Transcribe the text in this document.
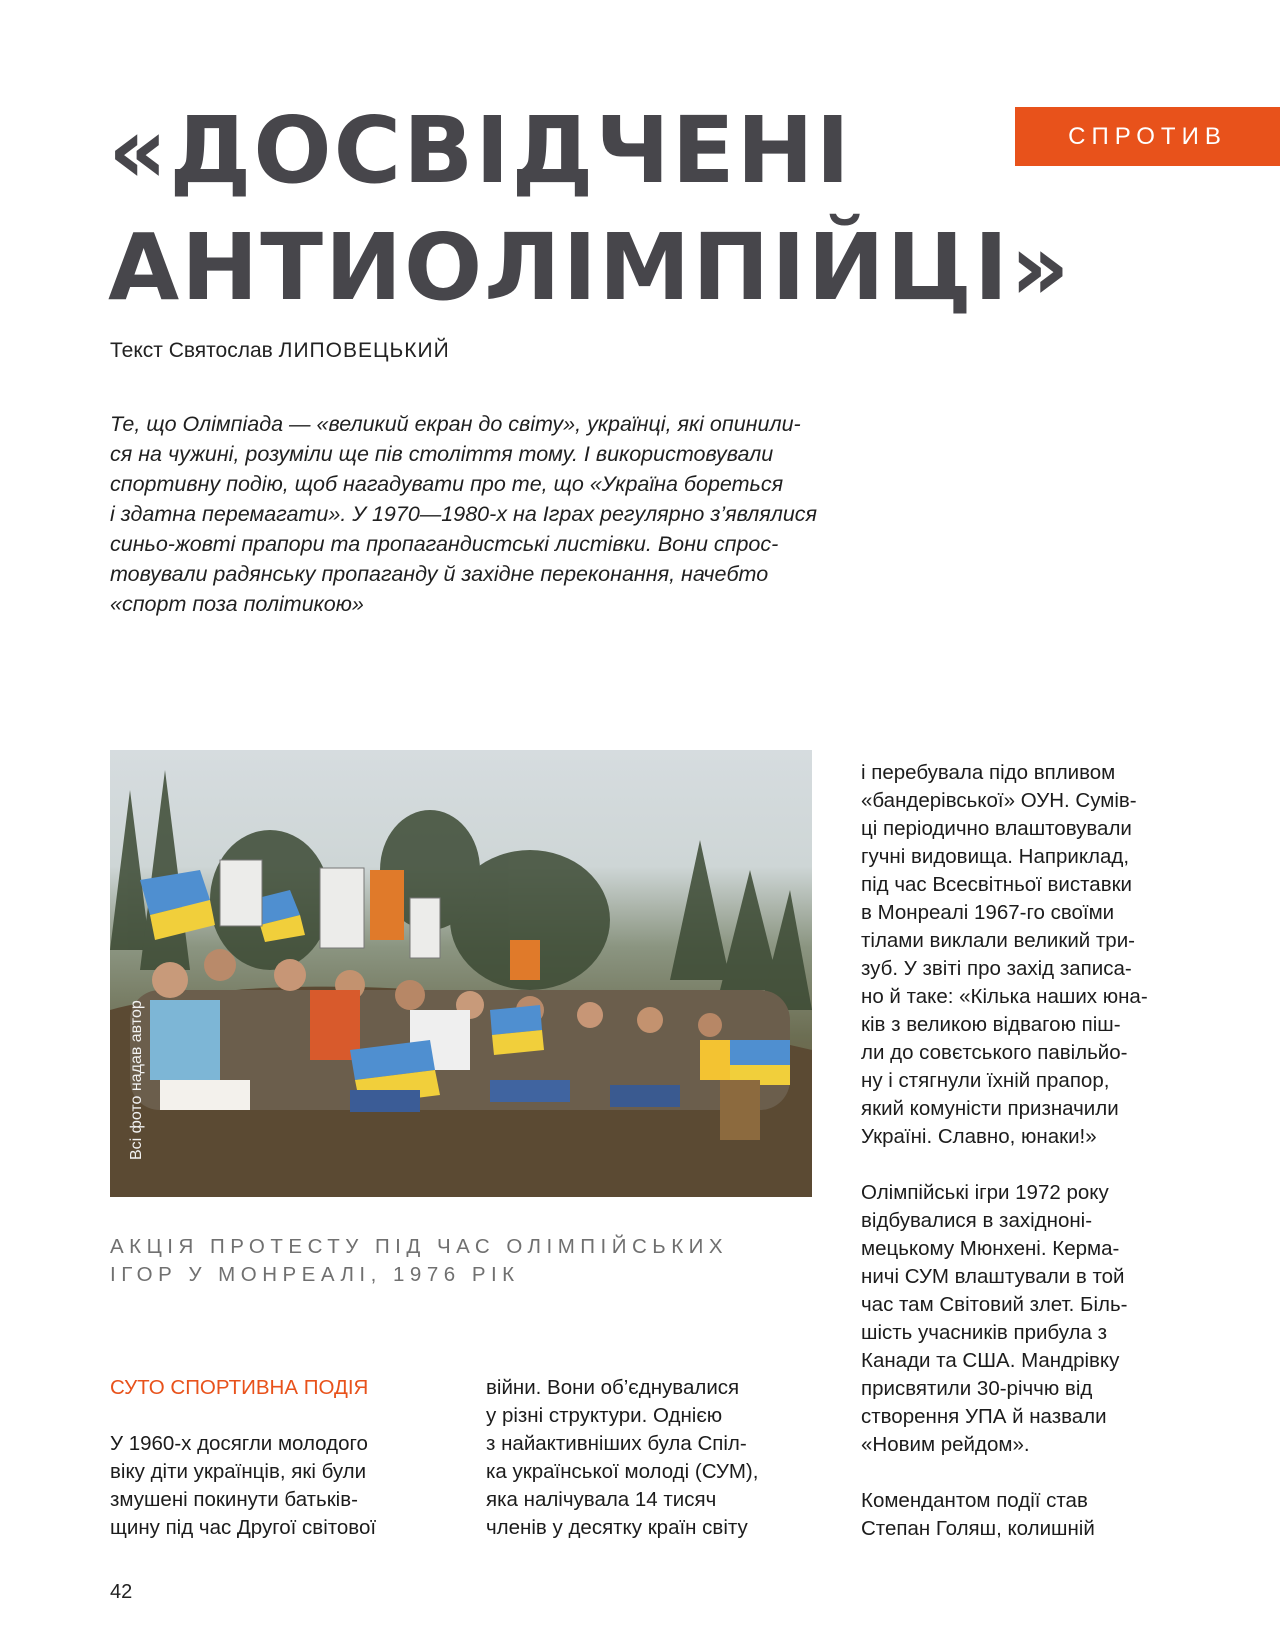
«ДОСВІДЧЕНІ
АНТИОЛІМПІЙЦІ»
СПРОТИВ
Текст Святослав ЛИПОВЕЦЬКИЙ
Те, що Олімпіада — «великий екран до світу», українці, які опинили-
ся на чужині, розуміли ще пів століття тому. І використовували
спортивну подію, щоб нагадувати про те, що «Україна бореться
і здатна перемагати». У 1970—1980-х на Іграх регулярно з’являлися
синьо-жовті прапори та пропагандистські листівки. Вони спрос-
товували радянську пропаганду й західне переконання, начебто
«спорт поза політикою»
Всі фото надав автор
АКЦІЯ ПРОТЕСТУ ПІД ЧАС ОЛІМПІЙСЬКИХ
ІГОР У МОНРЕАЛІ, 1976 РІК
СУТО СПОРТИВНА ПОДІЯ
У 1960-х досягли молодого
віку діти українців, які були
змушені покинути батьків-
щину під час Другої світової
війни. Вони об’єднувалися
у різні структури. Однією
з найактивніших була Спіл-
ка української молоді (СУМ),
яка налічувала 14 тисяч
членів у десятку країн світу
і перебувала підо впливом
«бандерівської» ОУН. Сумів-
ці періодично влаштовували
гучні видовища. Наприклад,
під час Всесвітньої виставки
в Монреалі 1967-го своїми
тілами виклали великий три-
зуб. У звіті про захід записа-
но й таке: «Кілька наших юна-
ків з великою відвагою піш-
ли до совєтського павільйо-
ну і стягнули їхній прапор,
який комуністи призначили
Україні. Славно, юнаки!»
Олімпійські ігри 1972 року
відбувалися в західноні-
мецькому Мюнхені. Керма-
ничі СУМ влаштували в той
час там Світовий злет. Біль-
шість учасників прибула з
Канади та США. Мандрівку
присвятили 30-річчю від
створення УПА й назвали
«Новим рейдом».
Комендантом події став
Степан Голяш, колишній
42
